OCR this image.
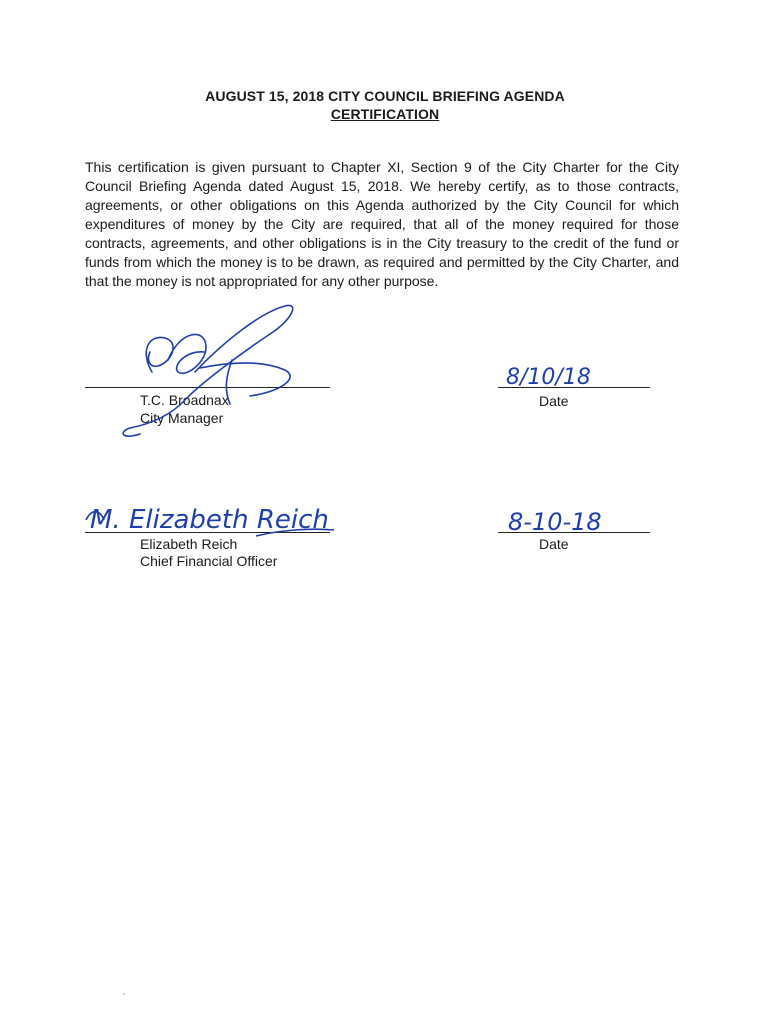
AUGUST 15, 2018 CITY COUNCIL BRIEFING AGENDA
CERTIFICATION
This certification is given pursuant to Chapter XI, Section 9 of the City Charter for the City Council Briefing Agenda dated August 15, 2018. We hereby certify, as to those contracts, agreements, or other obligations on this Agenda authorized by the City Council for which expenditures of money by the City are required, that all of the money required for those contracts, agreements, and other obligations is in the City treasury to the credit of the fund or funds from which the money is to be drawn, as required and permitted by the City Charter, and that the money is not appropriated for any other purpose.
T.C. Broadnax
City Manager
Date
Elizabeth Reich
Chief Financial Officer
Date
8/10/18
M. Elizabeth Reich	8-10-18
